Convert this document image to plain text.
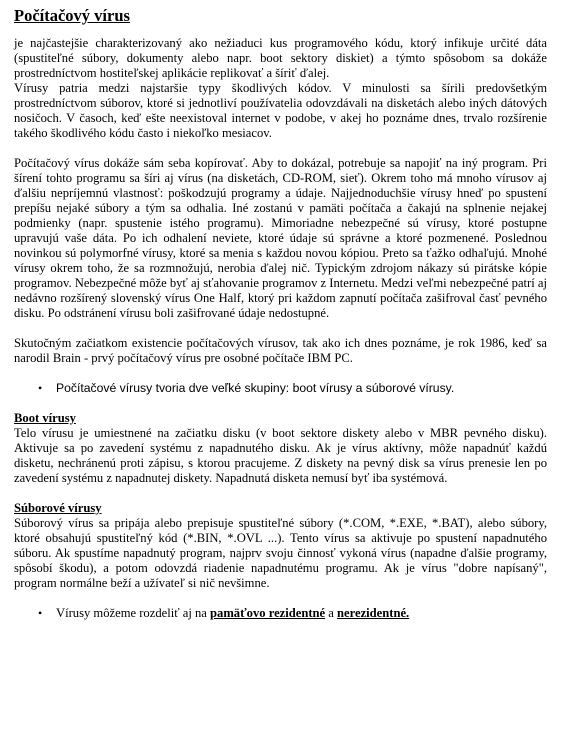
Počítačový vírus

je najčastejšie charakterizovaný ako nežiaduci kus programového kódu, ktorý infikuje určité dáta (spustiteľné súbory, dokumenty alebo napr. boot sektory diskiet) a týmto spôsobom sa dokáže prostredníctvom hostiteľskej aplikácie replikovať a šíriť ďalej.

Vírusy patria medzi najstaršie typy škodlivých kódov. V minulosti sa šírili predovšetkým prostredníctvom súborov, ktoré si jednotliví používatelia odovzdávali na disketách alebo iných dátových nosičoch. V časoch, keď ešte neexistoval internet v podobe, v akej ho poznáme dnes, trvalo rozšírenie takého škodlivého kódu často i niekoľko mesiacov.

Počítačový vírus dokáže sám seba kopírovať. Aby to dokázal, potrebuje sa napojiť na iný program. Pri šírení tohto programu sa šíri aj vírus (na disketách, CD-ROM, sieť). Okrem toho má mnoho vírusov aj ďalšiu nepríjemnú vlastnosť: poškodzujú programy a údaje. Najjednoduchšie vírusy hneď po spustení prepíšu nejaké súbory a tým sa odhalia. Iné zostanú v pamäti počítača a čakajú na splnenie nejakej podmienky (napr. spustenie istého programu). Mimoriadne nebezpečné sú vírusy, ktoré postupne upravujú vaše dáta. Po ich odhalení neviete, ktoré údaje sú správne a ktoré pozmenené. Poslednou novinkou sú polymorfné vírusy, ktoré sa menia s každou novou kópiou. Preto sa ťažko odhaľujú. Mnohé vírusy okrem toho, že sa rozmnožujú, nerobia ďalej nič. Typickým zdrojom nákazy sú pirátske kópie programov. Nebezpečné môže byť aj sťahovanie programov z Internetu. Medzi veľmi nebezpečné patrí aj nedávno rozšírený slovenský vírus One Half, ktorý pri každom zapnutí počítača zašifroval časť pevného disku. Po odstránení vírusu boli zašifrované údaje nedostupné.

Skutočným začiatkom existencie počítačových vírusov, tak ako ich dnes poznáme, je rok 1986, keď sa narodil Brain - prvý počítačový vírus pre osobné počítače IBM PC.

•	Počítačové vírusy tvoria dve veľké skupiny: boot vírusy a súborové vírusy.
Boot vírusy

Telo vírusu je umiestnené na začiatku disku (v boot sektore diskety alebo v MBR pevného disku). Aktivuje sa po zavedení systému z napadnutého disku. Ak je vírus aktívny, môže napadnúť každú disketu, nechránenú proti zápisu, s ktorou pracujeme. Z diskety na pevný disk sa vírus prenesie len po zavedení systému z napadnutej diskety. Napadnutá disketa nemusí byť iba systémová.

Súborové vírusy

Súborový vírus sa pripája alebo prepisuje spustiteľné súbory (*.COM, *.EXE, *.BAT), alebo súbory, ktoré obsahujú spustiteľný kód (*.BIN, *.OVL ...). Tento vírus sa aktivuje po spustení napadnutého súboru. Ak spustíme napadnutý program, najprv svoju činnosť vykoná vírus (napadne ďalšie programy, spôsobí škodu), a potom odovzdá riadenie napadnutému programu. Ak je vírus "dobre napísaný", program normálne beží a užívateľ si nič nevšimne.

•	Vírusy môžeme rozdeliť aj na pamäťovo rezidentné a nerezidentné.
